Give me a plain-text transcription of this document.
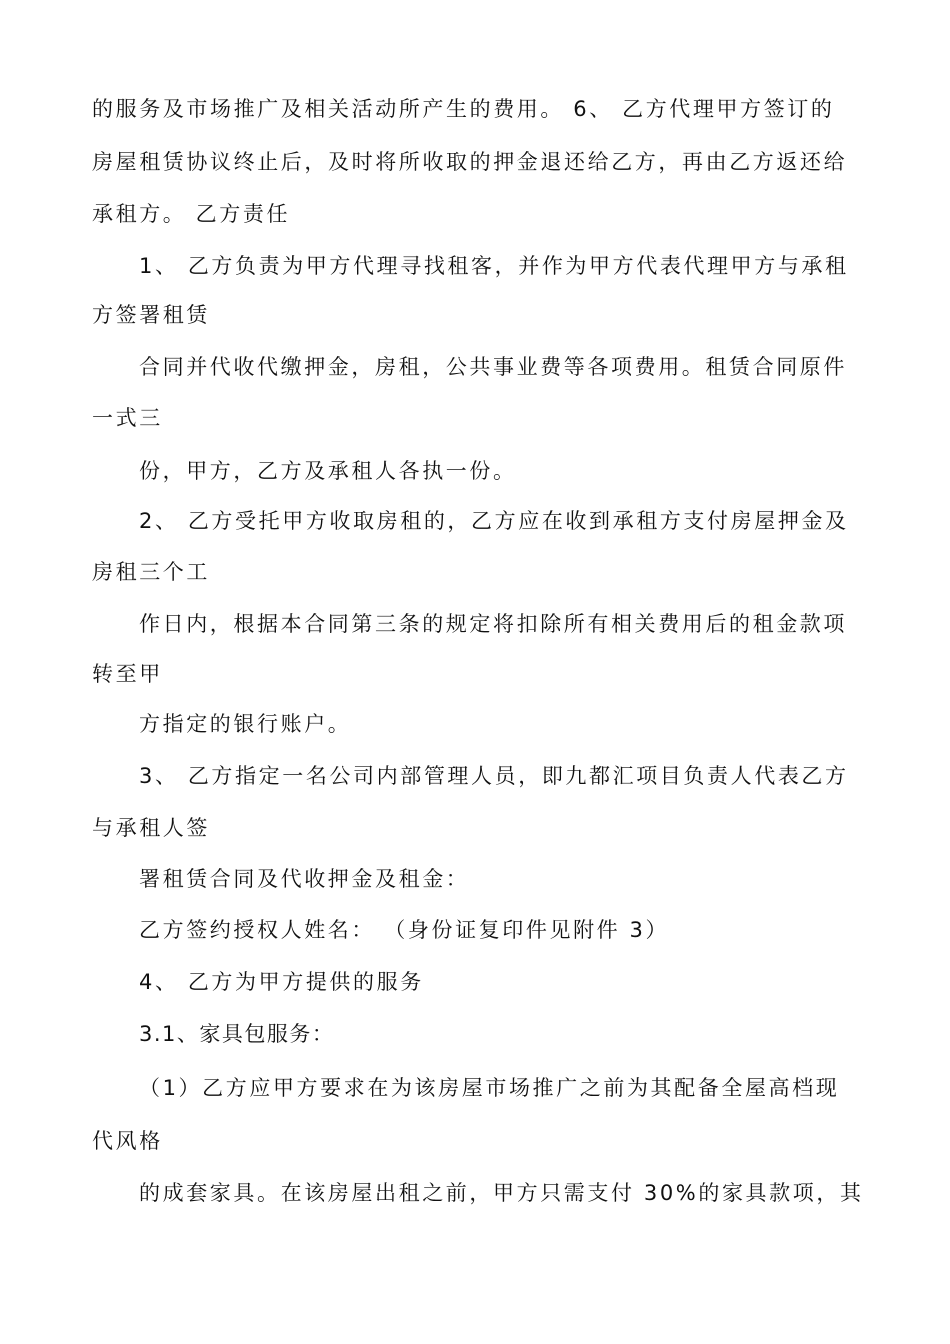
的服务及市场推广及相关活动所产生的费用。 6、 乙方代理甲方签订的
房屋租赁协议终止后，及时将所收取的押金退还给乙方，再由乙方返还给
承租方。 乙方责任
1、 乙方负责为甲方代理寻找租客，并作为甲方代表代理甲方与承租
方签署租赁
合同并代收代缴押金，房租，公共事业费等各项费用。租赁合同原件
一式三
份，甲方，乙方及承租人各执一份。
2、 乙方受托甲方收取房租的，乙方应在收到承租方支付房屋押金及
房租三个工
作日内，根据本合同第三条的规定将扣除所有相关费用后的租金款项
转至甲
方指定的银行账户。
3、 乙方指定一名公司内部管理人员，即九都汇项目负责人代表乙方
与承租人签
署租赁合同及代收押金及租金：
乙方签约授权人姓名： （身份证复印件见附件 3）
4、 乙方为甲方提供的服务
3.1、家具包服务：
（1）乙方应甲方要求在为该房屋市场推广之前为其配备全屋高档现
代风格
的成套家具。在该房屋出租之前，甲方只需支付 30%的家具款项，其
